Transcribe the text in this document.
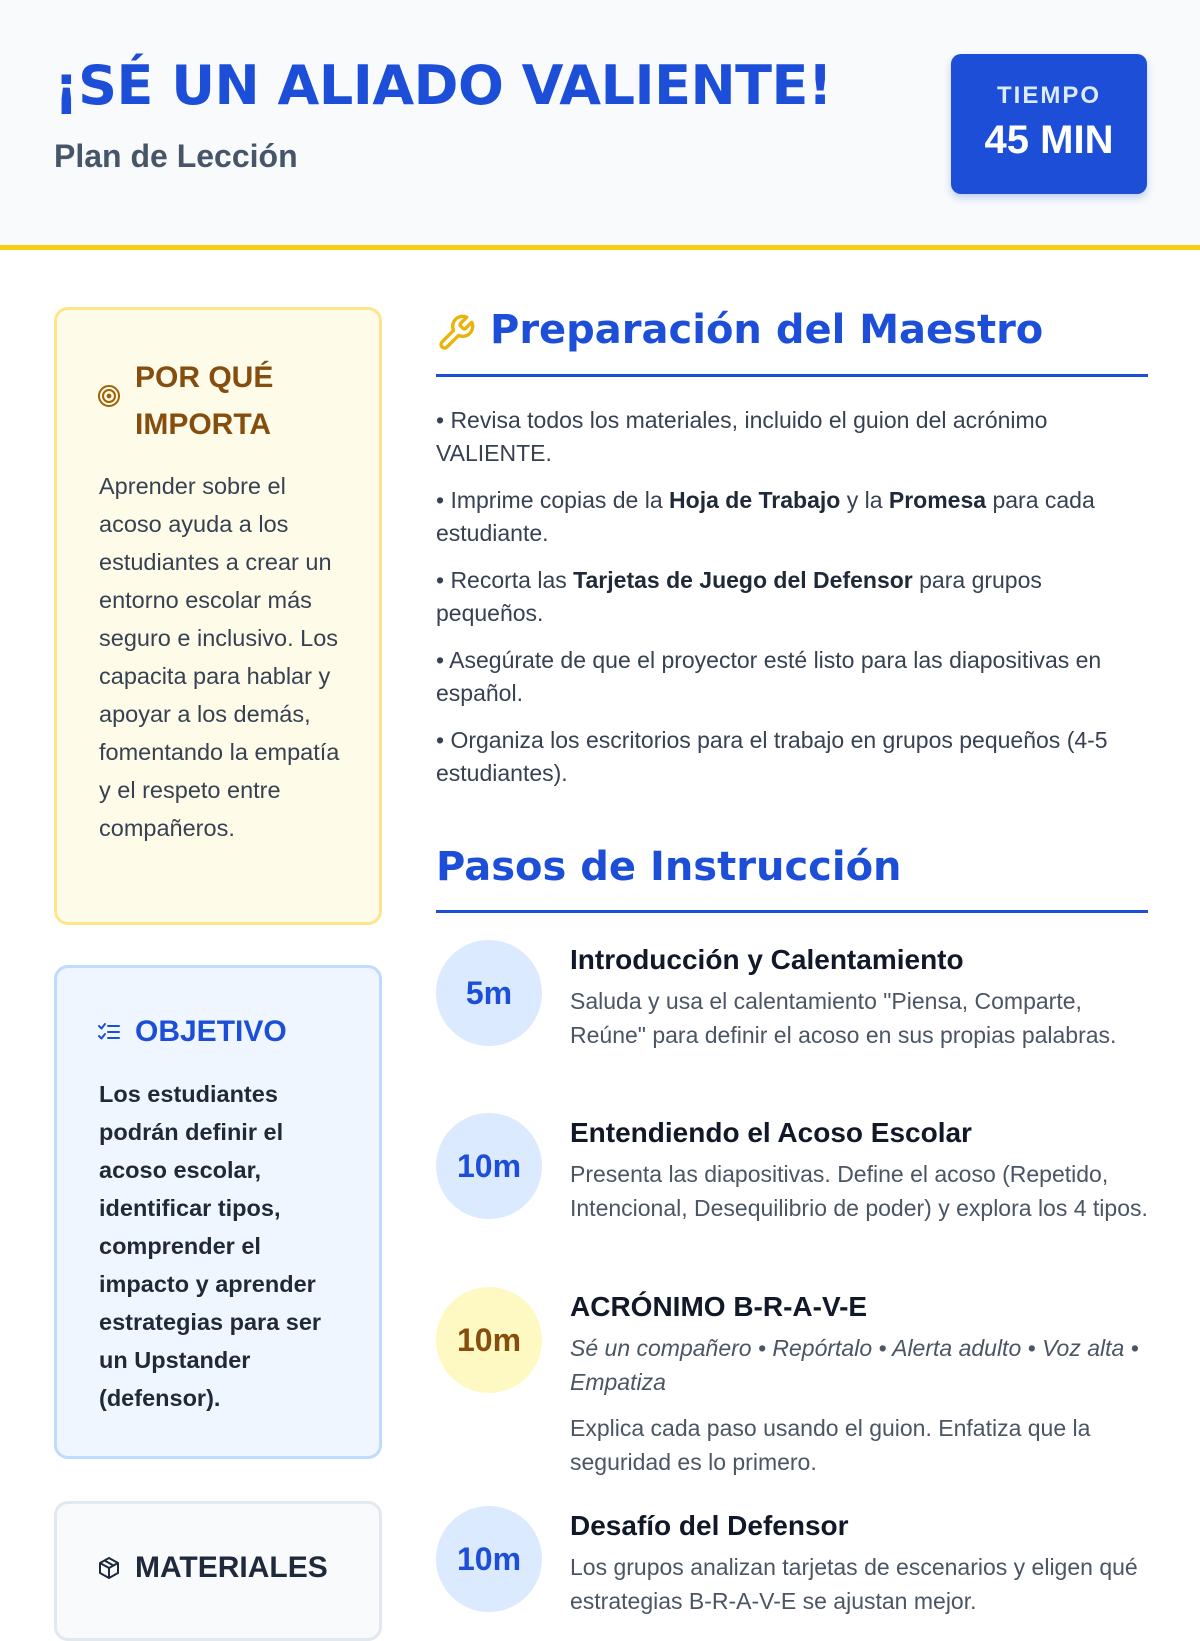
¡SÉ UN ALIADO VALIENTE!
Plan de Lección
TIEMPO
45 MIN
POR QUÉ IMPORTA
Aprender sobre el acoso ayuda a los estudiantes a crear un entorno escolar más seguro e inclusivo. Los capacita para hablar y apoyar a los demás, fomentando la empatía y el respeto entre compañeros.
OBJETIVO
Los estudiantes podrán definir el acoso escolar, identificar tipos, comprender el impacto y aprender estrategias para ser un Upstander (defensor).
MATERIALES
Preparación del Maestro
• Revisa todos los materiales, incluido el guion del acrónimo VALIENTE.
• Imprime copias de la Hoja de Trabajo y la Promesa para cada estudiante.
• Recorta las Tarjetas de Juego del Defensor para grupos pequeños.
• Asegúrate de que el proyector esté listo para las diapositivas en español.
• Organiza los escritorios para el trabajo en grupos pequeños (4-5 estudiantes).
Pasos de Instrucción
5m
Introducción y Calentamiento
Saluda y usa el calentamiento "Piensa, Comparte, Reúne" para definir el acoso en sus propias palabras.
10m
Entendiendo el Acoso Escolar
Presenta las diapositivas. Define el acoso (Repetido, Intencional, Desequilibrio de poder) y explora los 4 tipos.
10m
ACRÓNIMO B-R-A-V-E
Sé un compañero • Repórtalo • Alerta adulto • Voz alta • Empatiza
Explica cada paso usando el guion. Enfatiza que la seguridad es lo primero.
10m
Desafío del Defensor
Los grupos analizan tarjetas de escenarios y eligen qué estrategias B-R-A-V-E se ajustan mejor.
